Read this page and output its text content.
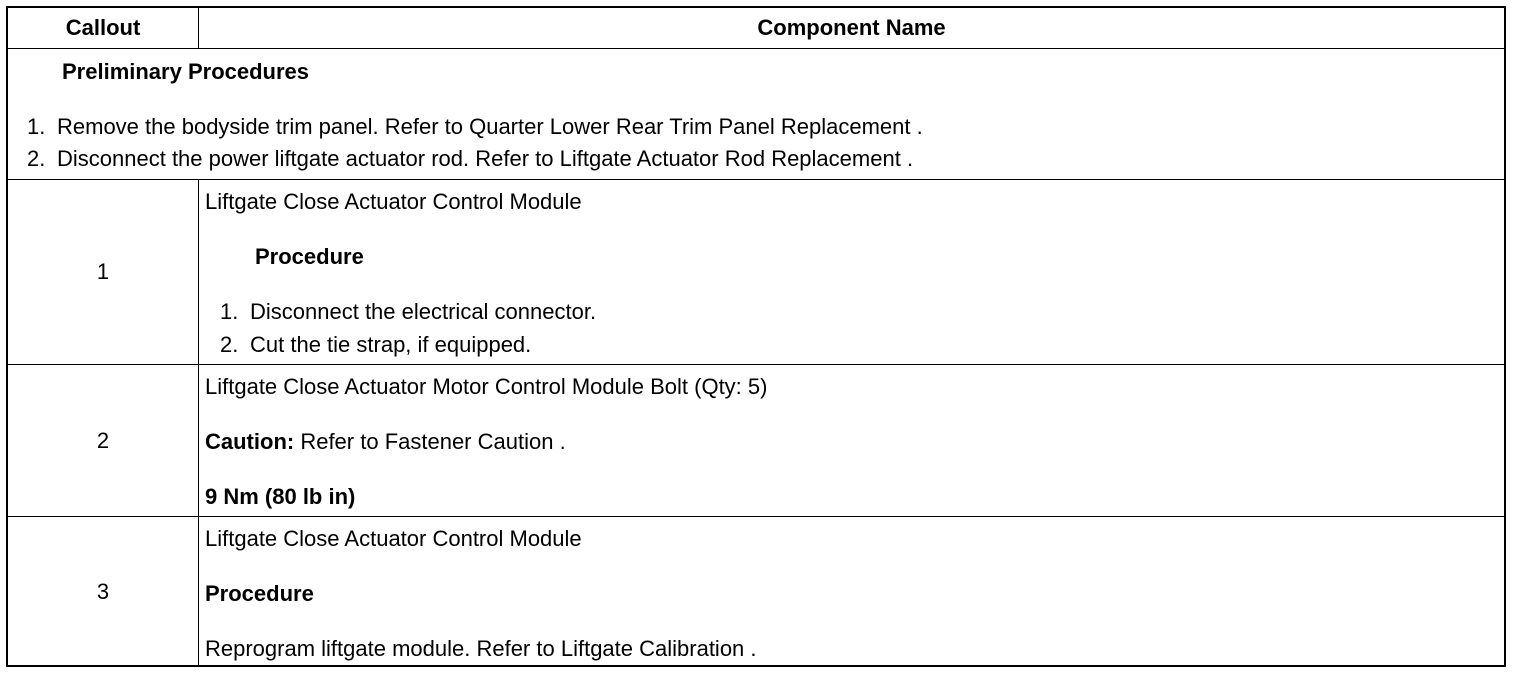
Callout	Component Name
Preliminary Procedures
1. Remove the bodyside trim panel. Refer to Quarter Lower Rear Trim Panel Replacement .
2. Disconnect the power liftgate actuator rod. Refer to Liftgate Actuator Rod Replacement .
1
Liftgate Close Actuator Control Module
Procedure
1. Disconnect the electrical connector.
2. Cut the tie strap, if equipped.
2
Liftgate Close Actuator Motor Control Module Bolt (Qty: 5)
Caution: Refer to Fastener Caution .
9 Nm (80 lb in)
3
Liftgate Close Actuator Control Module
Procedure
Reprogram liftgate module. Refer to Liftgate Calibration .
